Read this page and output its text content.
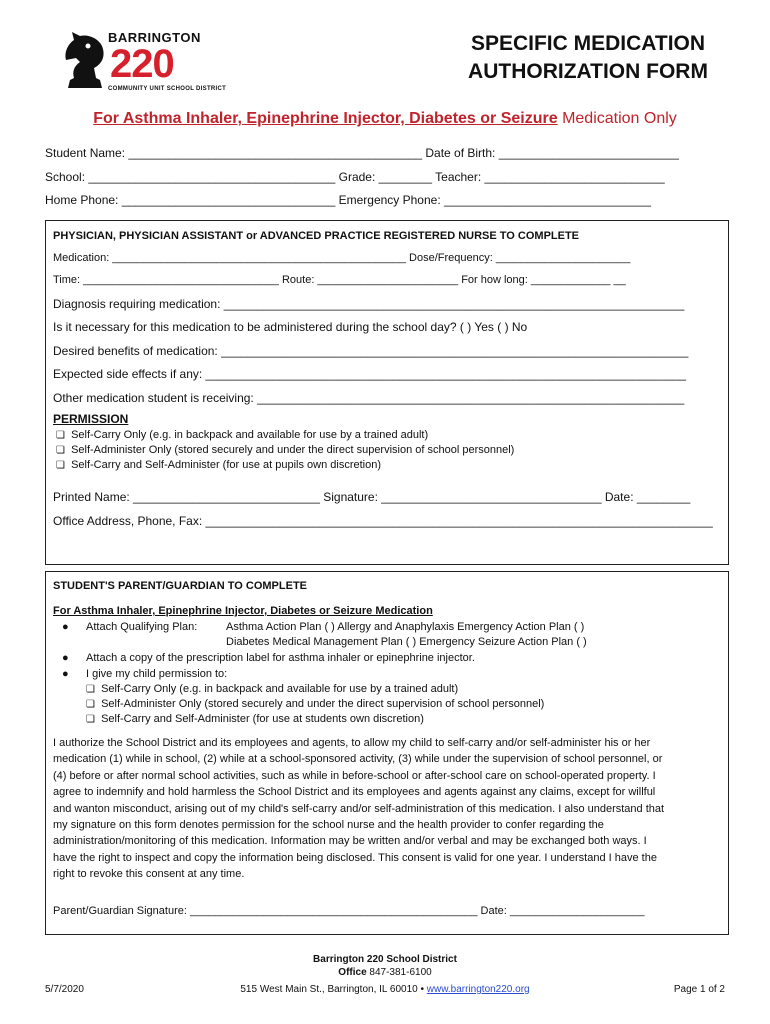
BARRINGTON
220
COMMUNITY UNIT SCHOOL DISTRICT
SPECIFIC MEDICATION
AUTHORIZATION FORM
For Asthma Inhaler, Epinephrine Injector, Diabetes or Seizure Medication Only
Student Name: ____________________________________________ Date of Birth: ___________________________
School: _____________________________________ Grade: ________ Teacher: ___________________________
Home Phone: ________________________________ Emergency Phone: _______________________________
PHYSICIAN, PHYSICIAN ASSISTANT or ADVANCED PRACTICE REGISTERED NURSE TO COMPLETE
Medication: ________________________________________________ Dose/Frequency: ______________________
Time: ________________________________ Route: _______________________ For how long: _____________ __
Diagnosis requiring medication: _____________________________________________________________________
Is it necessary for this medication to be administered during the school day? ( ) Yes ( ) No
Desired benefits of medication: ______________________________________________________________________
Expected side effects if any: ________________________________________________________________________
Other medication student is receiving: ________________________________________________________________
PERMISSION
❏ Self-Carry Only (e.g. in backpack and available for use by a trained adult)
❏ Self-Administer Only (stored securely and under the direct supervision of school personnel)
❏ Self-Carry and Self-Administer (for use at pupils own discretion)
Printed Name: ____________________________ Signature: _________________________________ Date: ________
Office Address, Phone, Fax: ____________________________________________________________________________
STUDENT'S PARENT/GUARDIAN TO COMPLETE
For Asthma Inhaler, Epinephrine Injector, Diabetes or Seizure Medication
● Attach Qualifying Plan:	Asthma Action Plan ( ) Allergy and Anaphylaxis Emergency Action Plan ( )
Diabetes Medical Management Plan ( ) Emergency Seizure Action Plan ( )
● Attach a copy of the prescription label for asthma inhaler or epinephrine injector.
● I give my child permission to:
❏ Self-Carry Only (e.g. in backpack and available for use by a trained adult)
❏ Self-Administer Only (stored securely and under the direct supervision of school personnel)
❏ Self-Carry and Self-Administer (for use at students own discretion)
I authorize the School District and its employees and agents, to allow my child to self-carry and/or self-administer his or her
medication (1) while in school, (2) while at a school-sponsored activity, (3) while under the supervision of school personnel, or
(4) before or after normal school activities, such as while in before-school or after-school care on school-operated property. I
agree to indemnify and hold harmless the School District and its employees and agents against any claims, except for willful
and wanton misconduct, arising out of my child's self-carry and/or self-administration of this medication. I also understand that
my signature on this form denotes permission for the school nurse and the health provider to confer regarding the
administration/monitoring of this medication. Information may be written and/or verbal and may be exchanged both ways. I
have the right to inspect and copy the information being disclosed. This consent is valid for one year. I understand I have the
right to revoke this consent at any time.
Parent/Guardian Signature: _______________________________________________ Date: ______________________
Barrington 220 School District
Office 847-381-6100
5/7/2020	515 West Main St., Barrington, IL 60010 • www.barrington220.org	Page 1 of 2
